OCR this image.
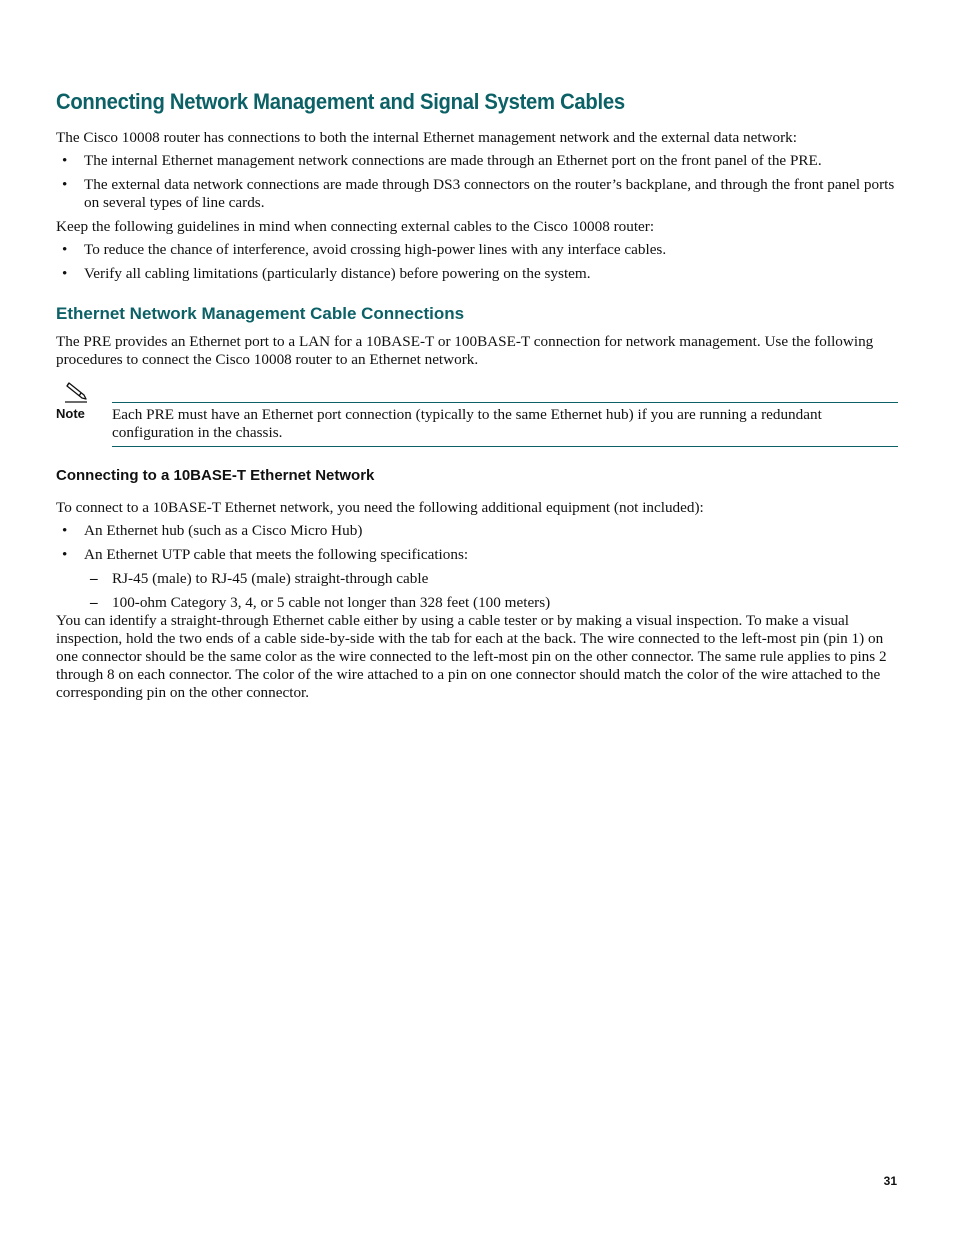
Connecting Network Management and Signal System Cables

The Cisco 10008 router has connections to both the internal Ethernet management network and the external data network:

• The internal Ethernet management network connections are made through an Ethernet port on the front panel of the PRE.
• The external data network connections are made through DS3 connectors on the router’s backplane, and through the front panel ports on several types of line cards.

Keep the following guidelines in mind when connecting external cables to the Cisco 10008 router:

• To reduce the chance of interference, avoid crossing high-power lines with any interface cables.
• Verify all cabling limitations (particularly distance) before powering on the system.
Ethernet Network Management Cable Connections

The PRE provides an Ethernet port to a LAN for a 10BASE-T or 100BASE-T connection for network management. Use the following procedures to connect the Cisco 10008 router to an Ethernet network.

Note Each PRE must have an Ethernet port connection (typically to the same Ethernet hub) if you are running a redundant configuration in the chassis.
Connecting to a 10BASE-T Ethernet Network

To connect to a 10BASE-T Ethernet network, you need the following additional equipment (not included):

• An Ethernet hub (such as a Cisco Micro Hub)
• An Ethernet UTP cable that meets the following specifications:
– RJ-45 (male) to RJ-45 (male) straight-through cable
– 100-ohm Category 3, 4, or 5 cable not longer than 328 feet (100 meters)

You can identify a straight-through Ethernet cable either by using a cable tester or by making a visual inspection. To make a visual inspection, hold the two ends of a cable side-by-side with the tab for each at the back. The wire connected to the left-most pin (pin 1) on one connector should be the same color as the wire connected to the left-most pin on the other connector. The same rule applies to pins 2 through 8 on each connector. The color of the wire attached to a pin on one connector should match the color of the wire attached to the corresponding pin on the other connector.

31
